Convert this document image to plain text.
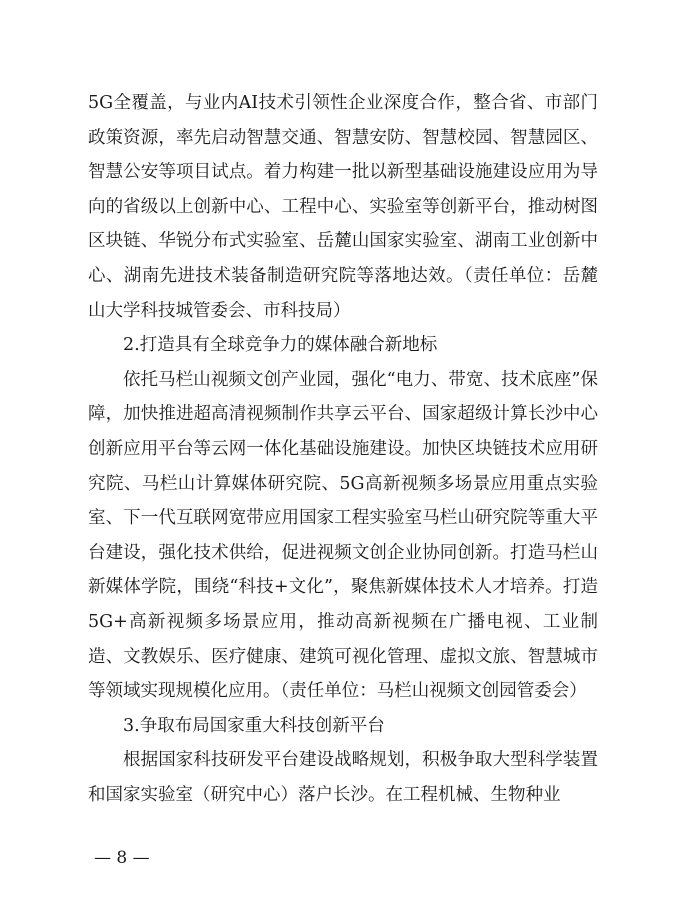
5G全覆盖，与业内AI技术引领性企业深度合作，整合省、市部门政策资源，率先启动智慧交通、智慧安防、智慧校园、智慧园区、智慧公安等项目试点。着力构建一批以新型基础设施建设应用为导向的省级以上创新中心、工程中心、实验室等创新平台，推动树图区块链、华锐分布式实验室、岳麓山国家实验室、湖南工业创新中心、湖南先进技术装备制造研究院等落地达效。（责任单位：岳麓山大学科技城管委会、市科技局）

2.打造具有全球竞争力的媒体融合新地标

依托马栏山视频文创产业园，强化“电力、带宽、技术底座”保障，加快推进超高清视频制作共享云平台、国家超级计算长沙中心创新应用平台等云网一体化基础设施建设。加快区块链技术应用研究院、马栏山计算媒体研究院、5G高新视频多场景应用重点实验室、下一代互联网宽带应用国家工程实验室马栏山研究院等重大平台建设，强化技术供给，促进视频文创企业协同创新。打造马栏山新媒体学院，围绕“科技+文化”，聚焦新媒体技术人才培养。打造5G+高新视频多场景应用，推动高新视频在广播电视、工业制造、文教娱乐、医疗健康、建筑可视化管理、虚拟文旅、智慧城市等领域实现规模化应用。（责任单位：马栏山视频文创园管委会）

3.争取布局国家重大科技创新平台

根据国家科技研发平台建设战略规划，积极争取大型科学装置和国家实验室（研究中心）落户长沙。在工程机械、生物种业

— 8 —
